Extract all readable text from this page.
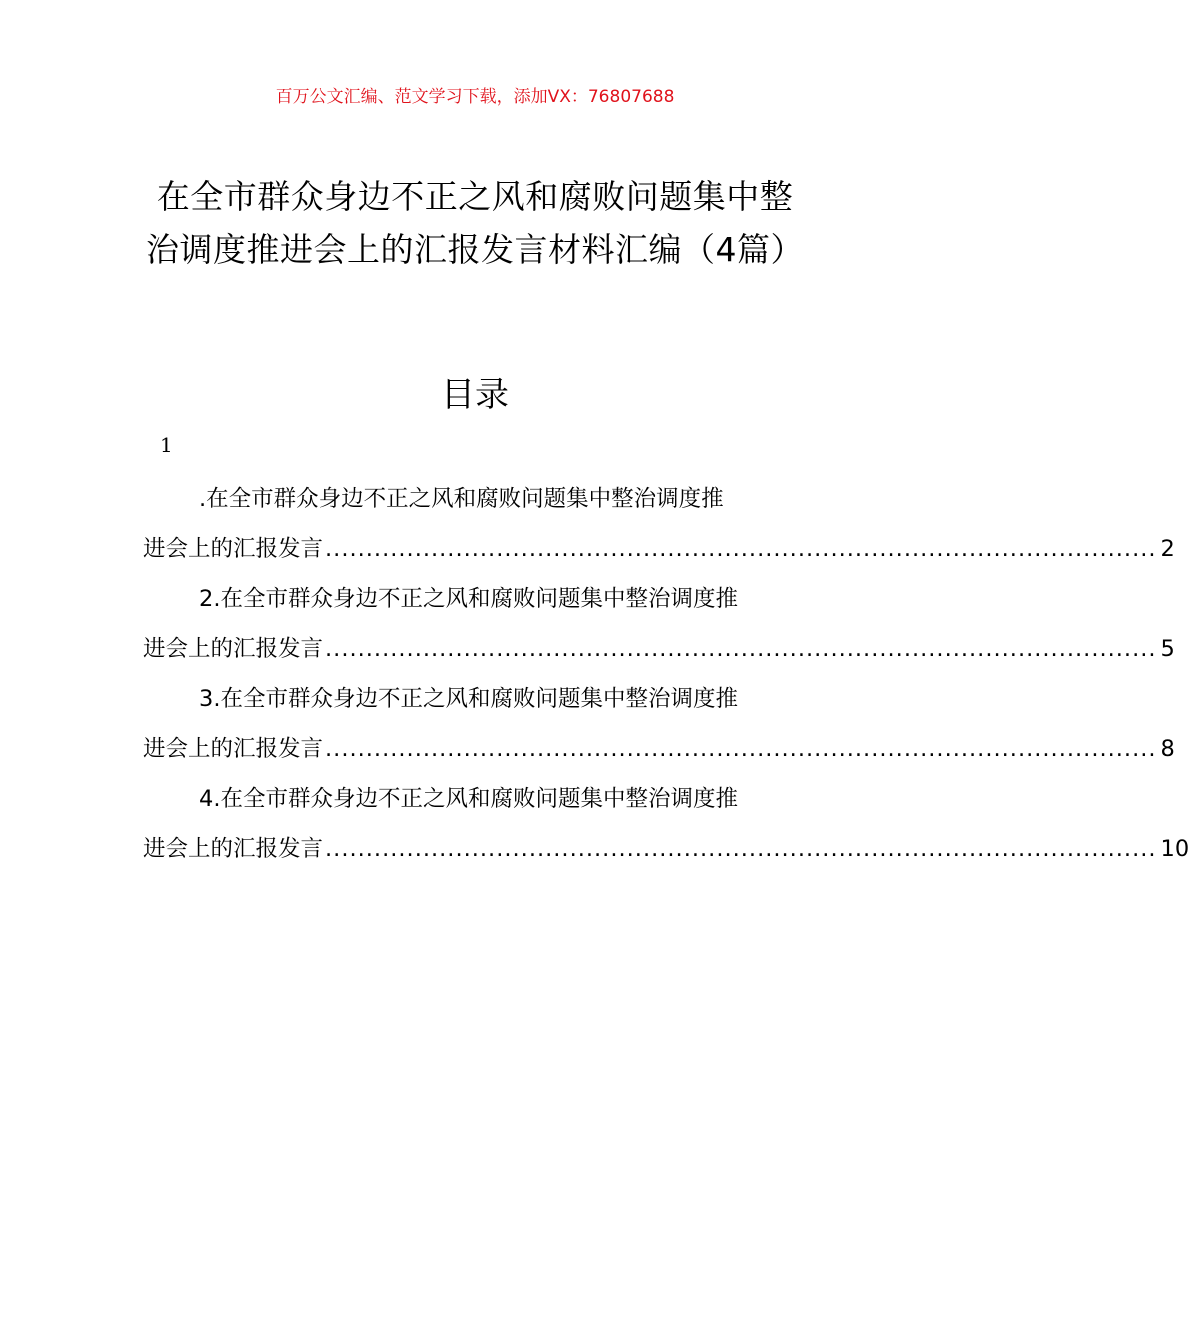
百万公文汇编、范文学习下载，添加VX：76807688
在全市群众身边不正之风和腐败问题集中整治调度推进会上的汇报发言材料汇编（4篇）
目录
1
.在全市群众身边不正之风和腐败问题集中整治调度推
进会上的汇报发言 ...................................................................................................... 2
2.在全市群众身边不正之风和腐败问题集中整治调度推
进会上的汇报发言 ...................................................................................................... 5
3.在全市群众身边不正之风和腐败问题集中整治调度推
进会上的汇报发言 ...................................................................................................... 8
4.在全市群众身边不正之风和腐败问题集中整治调度推
进会上的汇报发言 ...................................................................................................... 10
